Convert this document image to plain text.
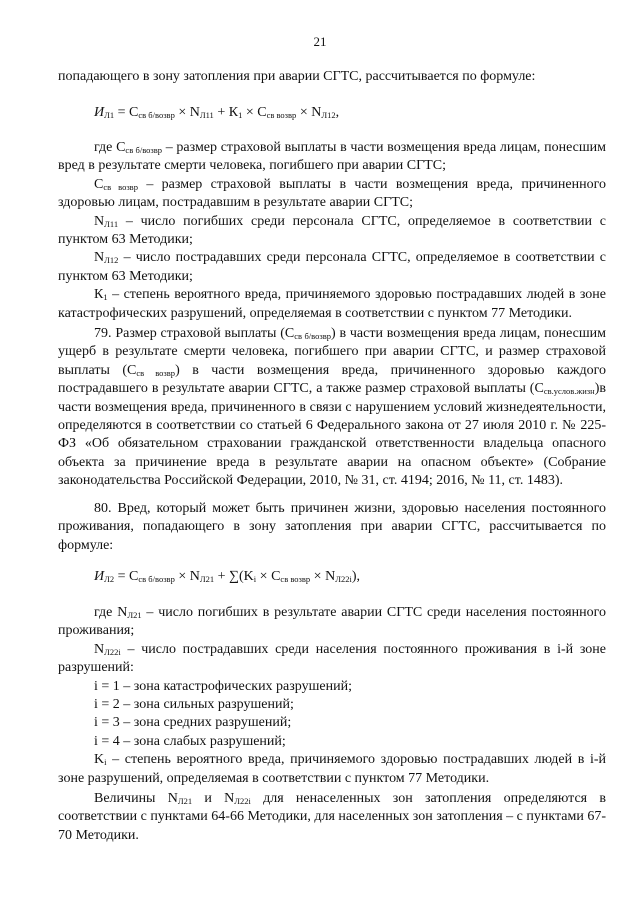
21
попадающего в зону затопления при аварии СГТС, рассчитывается по формуле:
$И_{Л1} = С_{св б/возвр} \times N_{Л11} + К_1 \times С_{св возвр} \times N_{Л12}$,
где $С_{св б/возвр}$ – размер страховой выплаты в части возмещения вреда лицам, понесшим вред в результате смерти человека, погибшего при аварии СГТС;
$С_{св возвр}$ – размер страховой выплаты в части возмещения вреда, причиненного здоровью лицам, пострадавшим в результате аварии СГТС;
$N_{Л11}$ – число погибших среди персонала СГТС, определяемое в соответствии с пунктом 63 Методики;
$N_{Л12}$ – число пострадавших среди персонала СГТС, определяемое в соответствии с пунктом 63 Методики;
$К_1$ – степень вероятного вреда, причиняемого здоровью пострадавших людей в зоне катастрофических разрушений, определяемая в соответствии с пунктом 77 Методики.
79. Размер страховой выплаты $(С_{св б/возвр})$ в части возмещения вреда лицам, понесшим ущерб в результате смерти человека, погибшего при аварии СГТС, и размер страховой выплаты $(С_{св возвр})$ в части возмещения вреда, причиненного здоровью каждого пострадавшего в результате аварии СГТС, а также размер страховой выплаты $(С_{св.услов.жизн})в$ части возмещения вреда, причиненного в связи с нарушением условий жизнедеятельности, определяются в соответствии со статьей 6 Федерального закона от 27 июля 2010 г. № 225-ФЗ «Об обязательном страховании гражданской ответственности владельца опасного объекта за причинение вреда в результате аварии на опасном объекте» (Собрание законодательства Российской Федерации, 2010, № 31, ст. 4194; 2016, № 11, ст. 1483).
80. Вред, который может быть причинен жизни, здоровью населения постоянного проживания, попадающего в зону затопления при аварии СГТС, рассчитывается по формуле:
$И_{Л2} = С_{св б/возвр} \times N_{Л21} + \sum(K_i \times С_{св возвр} \times N_{Л22i})$,
где $N_{Л21}$ – число погибших в результате аварии СГТС среди населения постоянного проживания;
$N_{Л22i}$ – число пострадавших среди населения постоянного проживания в i-й зоне разрушений:
i = 1 – зона катастрофических разрушений;
i = 2 – зона сильных разрушений;
i = 3 – зона средних разрушений;
i = 4 – зона слабых разрушений;
$K_i$ – степень вероятного вреда, причиняемого здоровью пострадавших людей в i-й зоне разрушений, определяемая в соответствии с пунктом 77 Методики.
Величины $N_{Л21}$ и $N_{Л22i}$ для ненаселенных зон затопления определяются в соответствии с пунктами 64-66 Методики, для населенных зон затопления – с пунктами 67-70 Методики.
